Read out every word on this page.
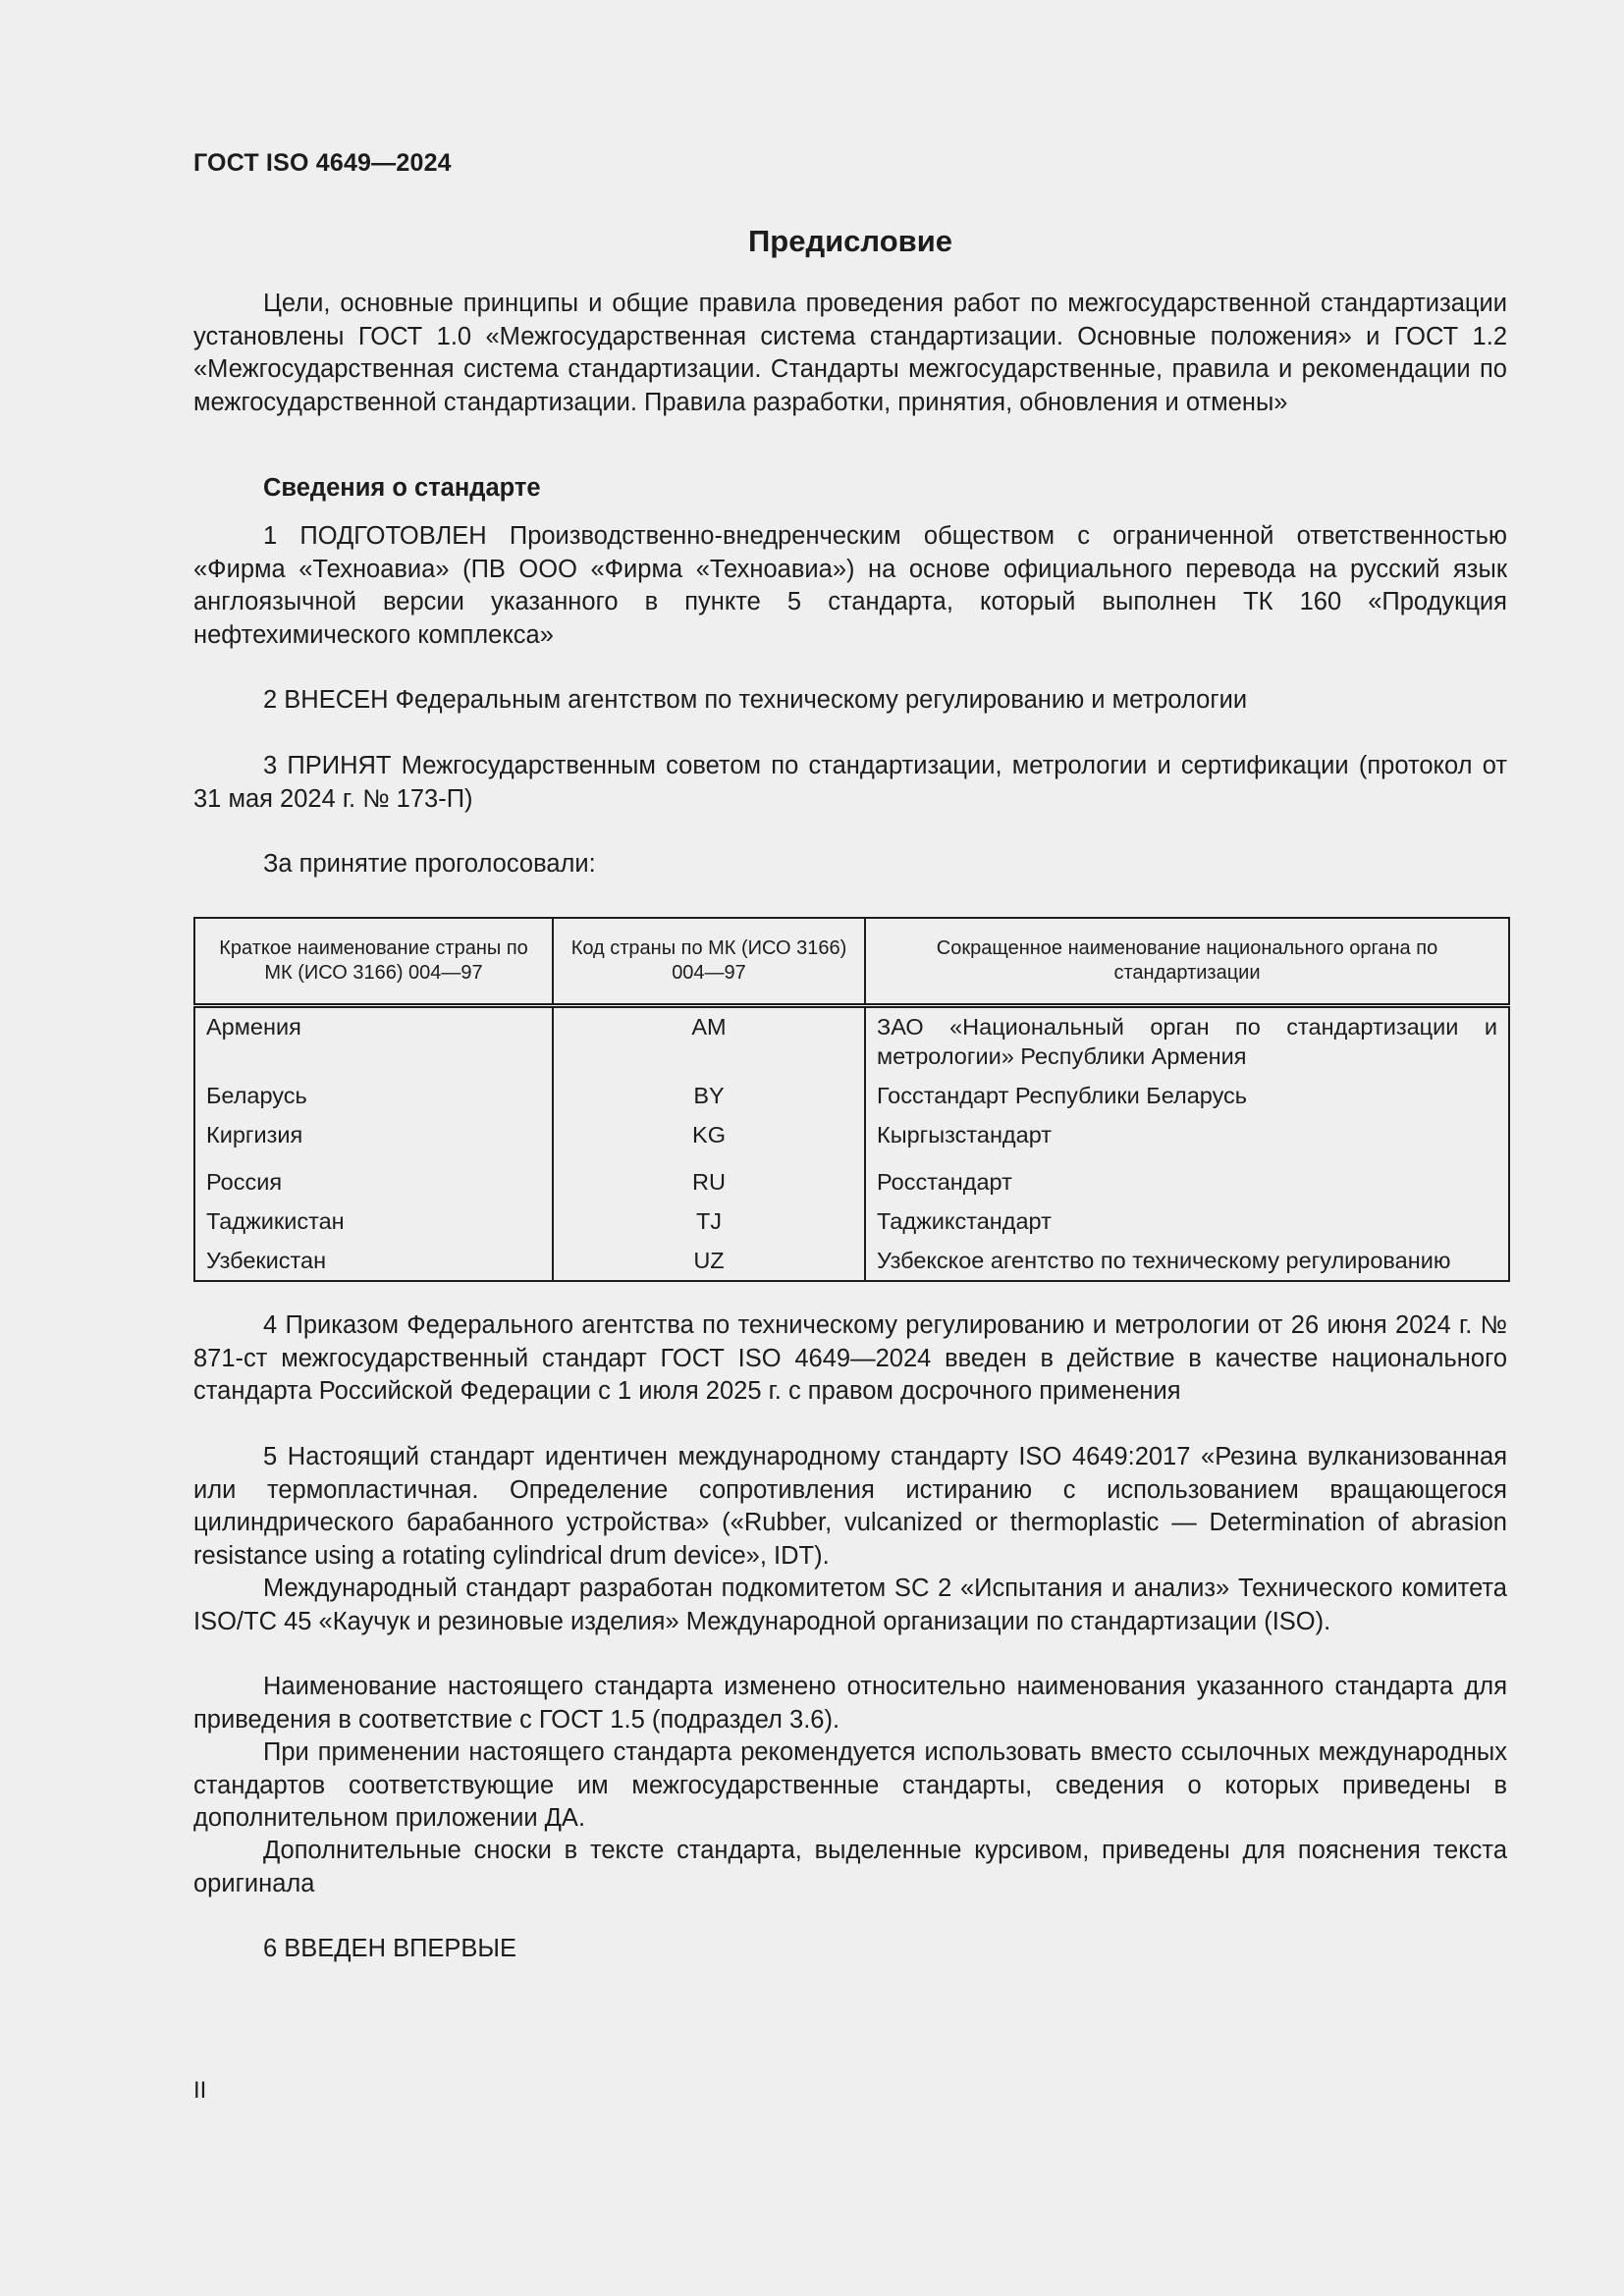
ГОСТ ISO 4649—2024
Предисловие

Цели, основные принципы и общие правила проведения работ по межгосударственной стандартизации установлены ГОСТ 1.0 «Межгосударственная система стандартизации. Основные положения» и ГОСТ 1.2 «Межгосударственная система стандартизации. Стандарты межгосударственные, правила и рекомендации по межгосударственной стандартизации. Правила разработки, принятия, обновления и отмены»

Сведения о стандарте

1 ПОДГОТОВЛЕН Производственно-внедренческим обществом с ограниченной ответственностью «Фирма «Техноавиа» (ПВ ООО «Фирма «Техноавиа») на основе официального перевода на русский язык англоязычной версии указанного в пункте 5 стандарта, который выполнен ТК 160 «Продукция нефтехимического комплекса»

2 ВНЕСЕН Федеральным агентством по техническому регулированию и метрологии

3 ПРИНЯТ Межгосударственным советом по стандартизации, метрологии и сертификации (протокол от 31 мая 2024 г. № 173-П)

За принятие проголосовали:

Краткое наименование страны по МК (ИСО 3166) 004—97	Код страны по МК (ИСО 3166) 004—97	Сокращенное наименование национального органа по стандартизации
Армения	AM	ЗАО «Национальный орган по стандартизации и метрологии» Республики Армения
Беларусь	BY	Госстандарт Республики Беларусь
Киргизия	KG	Кыргызстандарт
Россия	RU	Росстандарт
Таджикистан	TJ	Таджикстандарт
Узбекистан	UZ	Узбекское агентство по техническому регулированию

4 Приказом Федерального агентства по техническому регулированию и метрологии от 26 июня 2024 г. № 871-ст межгосударственный стандарт ГОСТ ISO 4649—2024 введен в действие в качестве национального стандарта Российской Федерации с 1 июля 2025 г. с правом досрочного применения

5 Настоящий стандарт идентичен международному стандарту ISO 4649:2017 «Резина вулканизованная или термопластичная. Определение сопротивления истиранию с использованием вращающегося цилиндрического барабанного устройства» («Rubber, vulcanized or thermoplastic — Determination of abrasion resistance using a rotating cylindrical drum device», IDT).

Международный стандарт разработан подкомитетом SC 2 «Испытания и анализ» Технического комитета ISO/TC 45 «Каучук и резиновые изделия» Международной организации по стандартизации (ISO).

Наименование настоящего стандарта изменено относительно наименования указанного стандарта для приведения в соответствие с ГОСТ 1.5 (подраздел 3.6).

При применении настоящего стандарта рекомендуется использовать вместо ссылочных международных стандартов соответствующие им межгосударственные стандарты, сведения о которых приведены в дополнительном приложении ДА.

Дополнительные сноски в тексте стандарта, выделенные курсивом, приведены для пояснения текста оригинала

6 ВВЕДЕН ВПЕРВЫЕ

II
